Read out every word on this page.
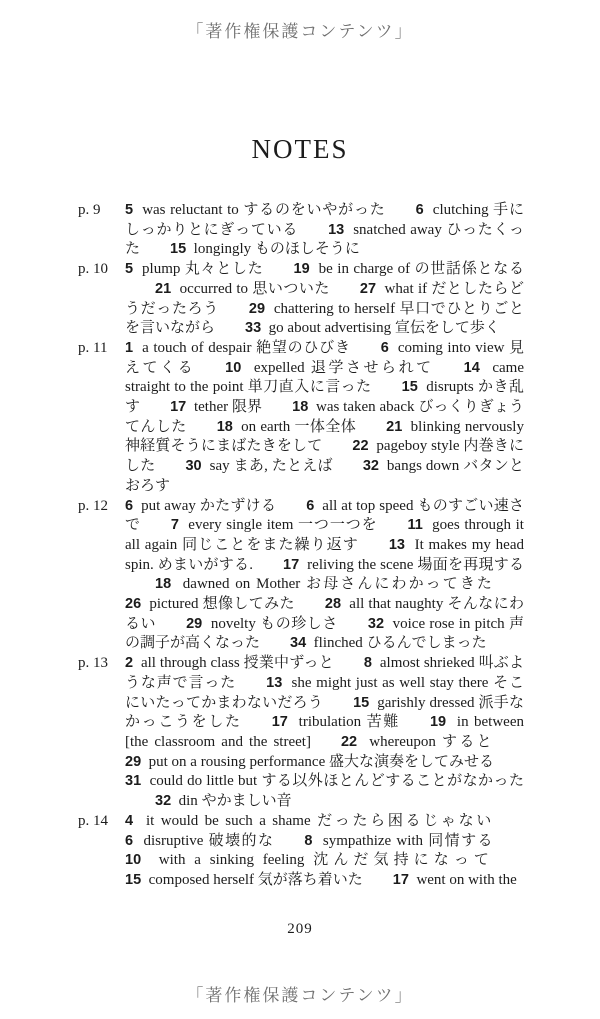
「著作権保護コンテンツ」
NOTES
p. 9	5  was reluctant to するのをいやがった 6  clutching 手にしっかりとにぎっている 13  snatched away ひったくった 15  longingly ものほしそうに
p. 10	5  plump 丸々とした 19  be in charge of の世話係となる21  occurred to 思いついた 27  what if だとしたらどうだったろう 29  chattering to herself 早口でひとりごとを言いながら 33  go about advertising 宣伝をして歩く
p. 11	1  a touch of despair 絶望のひびき 6  coming into view 見えてくる 10  expelled 退学させられて 14  came straight to the point 単刀直入に言った 15  disrupts かき乱す 17  tether 限界 18  was taken aback びっくりぎょうてんした 18  on earth 一体全体 21  blinking nervously 神経質そうにまばたきをして 22  pageboy style 内巻きにした 30  say まあ, たとえば 32  bangs down バタンとおろす
p. 12	6  put away かたずける 6  all at top speed ものすごい速さで 7  every single item 一つ一つを 11  goes through it all again 同じことをまた繰り返す 13  It makes my head spin. めまいがする. 17  reliving the scene 場面を再現する18  dawned on Mother お母さんにわかってきた26  pictured 想像してみた 28  all that naughty そんなにわるい 29  novelty もの珍しさ 32  voice rose in pitch 声の調子が高くなった 34  flinched ひるんでしまった
p. 13	2  all through class 授業中ずっと 8  almost shrieked 叫ぶような声で言った 13  she might just as well stay there そこにいたってかまわないだろう 15  garishly dressed 派手なかっこうをした 17  tribulation 苦難 19  in between [the classroom and the street] 22  whereupon すると29  put on a rousing performance 盛大な演奏をしてみせる31  could do little but する以外ほとんどすることがなかった32  din やかましい音
p. 14	4  it would be such a shame だったら困るじゃない6  disruptive 破壊的な 8  sympathize with 同情する10  with a sinking feeling 沈んだ気持になって15  composed herself 気が落ち着いた 17  went on with the
209
「著作権保護コンテンツ」
